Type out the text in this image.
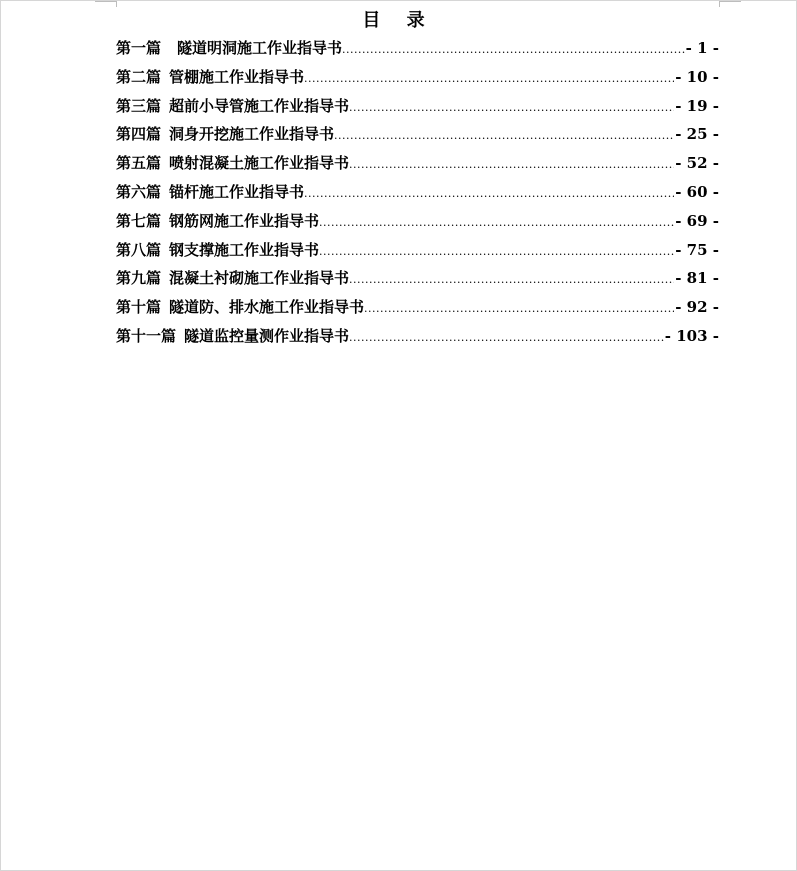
目 录
第一篇 隧道明洞施工作业指导书 .....	- 1 -
第二篇 管棚施工作业指导书 .....	- 10 -
第三篇 超前小导管施工作业指导书 .....	- 19 -
第四篇 洞身开挖施工作业指导书 .....	- 25 -
第五篇 喷射混凝土施工作业指导书 .....	- 52 -
第六篇 锚杆施工作业指导书 .....	- 60 -
第七篇 钢筋网施工作业指导书 .....	- 69 -
第八篇 钢支撑施工作业指导书 .....	- 75 -
第九篇 混凝土衬砌施工作业指导书 .....	- 81 -
第十篇 隧道防、排水施工作业指导书 .....	- 92 -
第十一篇 隧道监控量测作业指导书 .....	- 103 -
